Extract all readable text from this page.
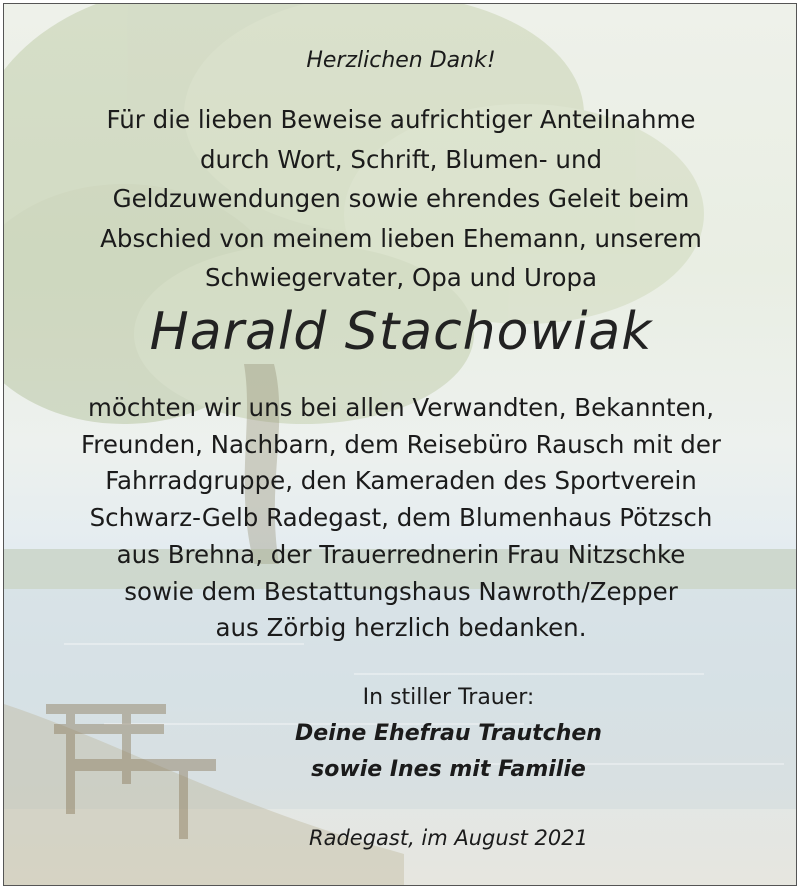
Herzlichen Dank!
Für die lieben Beweise aufrichtiger Anteilnahme
durch Wort, Schrift, Blumen- und
Geldzuwendungen sowie ehrendes Geleit beim
Abschied von meinem lieben Ehemann, unserem
Schwiegervater, Opa und Uropa
Harald Stachowiak
möchten wir uns bei allen Verwandten, Bekannten,
Freunden, Nachbarn, dem Reisebüro Rausch mit der
Fahrradgruppe, den Kameraden des Sportverein
Schwarz-Gelb Radegast, dem Blumenhaus Pötzsch
aus Brehna, der Trauerrednerin Frau Nitzschke
sowie dem Bestattungshaus Nawroth/Zepper
aus Zörbig herzlich bedanken.
In stiller Trauer:
Deine Ehefrau Trautchen
sowie Ines mit Familie
Radegast, im August 2021
